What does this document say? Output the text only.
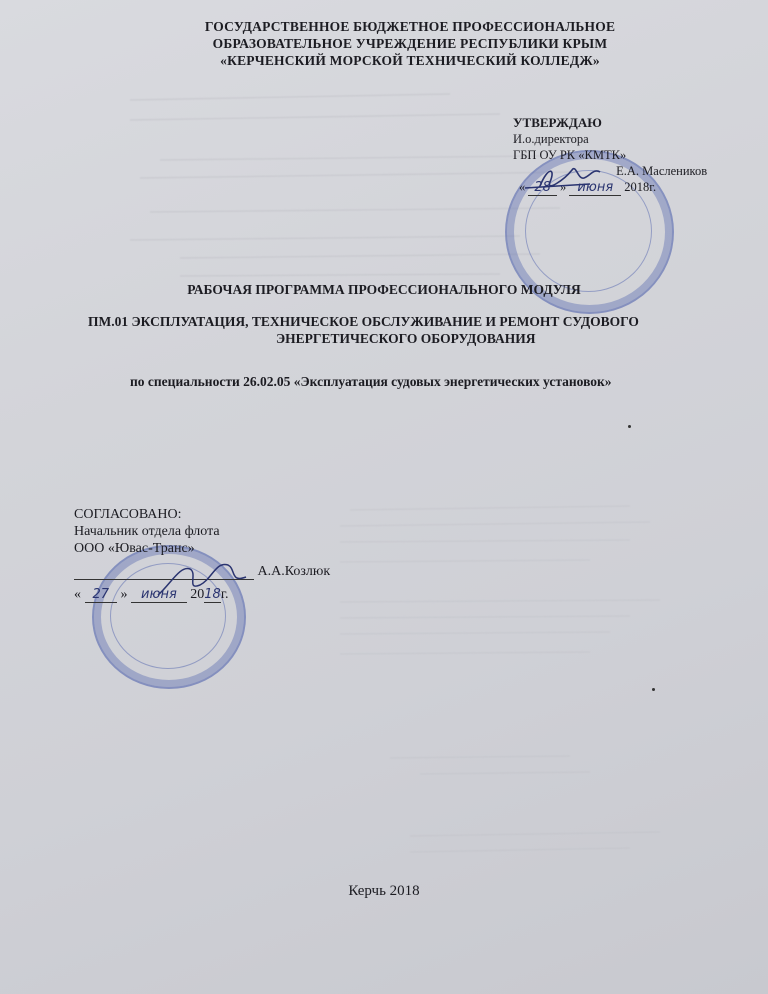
ГОСУДАРСТВЕННОЕ БЮДЖЕТНОЕ ПРОФЕССИОНАЛЬНОЕ
ОБРАЗОВАТЕЛЬНОЕ УЧРЕЖДЕНИЕ РЕСПУБЛИКИ КРЫМ
«КЕРЧЕНСКИЙ МОРСКОЙ ТЕХНИЧЕСКИЙ КОЛЛЕДЖ»
УТВЕРЖДАЮ
И.о.директора
ГБП ОУ РК «КМТК»
Е.А. Маслеников
« 28 » июня 2018г.
РАБОЧАЯ ПРОГРАММА ПРОФЕССИОНАЛЬНОГО МОДУЛЯ
ПМ.01 ЭКСПЛУАТАЦИЯ, ТЕХНИЧЕСКОЕ ОБСЛУЖИВАНИЕ И РЕМОНТ СУДОВОГО
ЭНЕРГЕТИЧЕСКОГО ОБОРУДОВАНИЯ
по специальности 26.02.05 «Эксплуатация судовых энергетических установок»
СОГЛАСОВАНО:
Начальник отдела флота
ООО «Ювас-Транс»
А.А.Козлюк
« 27 » июня 2018г.
Керчь 2018
